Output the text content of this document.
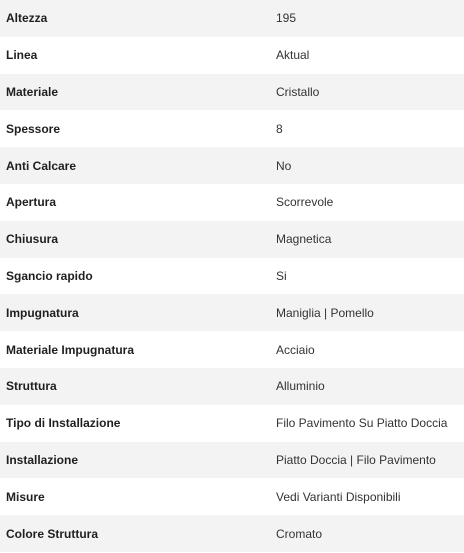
Altezza	195
Linea	Aktual
Materiale	Cristallo
Spessore	8
Anti Calcare	No
Apertura	Scorrevole
Chiusura	Magnetica
Sgancio rapido	Si
Impugnatura	Maniglia | Pomello
Materiale Impugnatura	Acciaio
Struttura	Alluminio
Tipo di Installazione	Filo Pavimento Su Piatto Doccia
Installazione	Piatto Doccia | Filo Pavimento
Misure	Vedi Varianti Disponibili
Colore Struttura	Cromato
